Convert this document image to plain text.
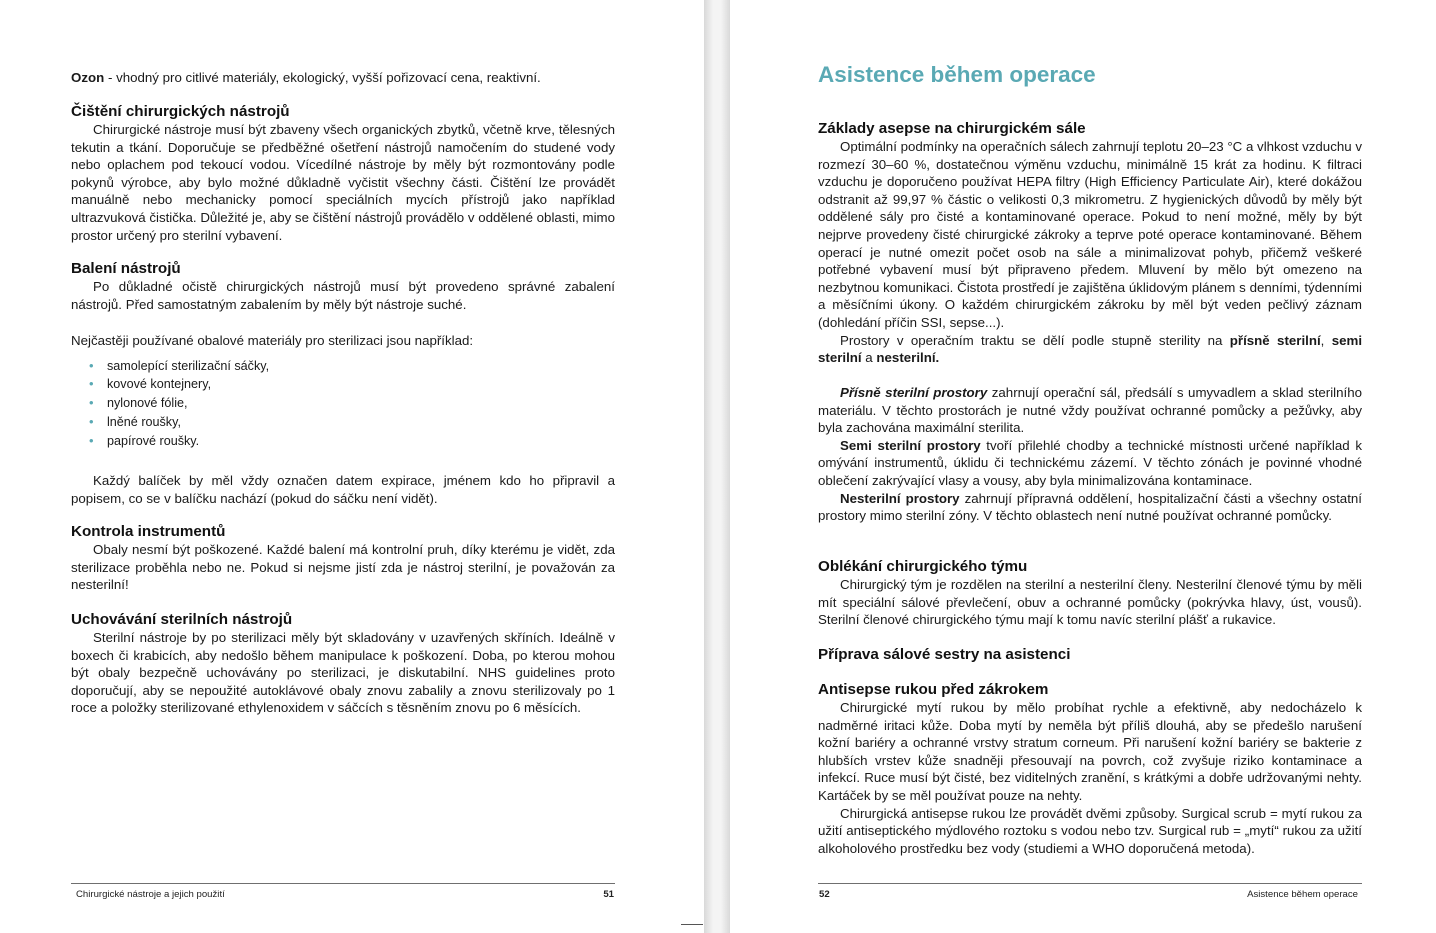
Ozon - vhodný pro citlivé materiály, ekologický, vyšší pořizovací cena, reaktivní.

Čištění chirurgických nástrojů

Chirurgické nástroje musí být zbaveny všech organických zbytků, včetně krve, tělesných tekutin a tkání. Doporučuje se předběžné ošetření nástrojů namočením do studené vody nebo oplachem pod tekoucí vodou. Vícedílné nástroje by měly být rozmontovány podle pokynů výrobce, aby bylo možné důkladně vyčistit všechny části. Čištění lze provádět manuálně nebo mechanicky pomocí speciálních mycích přístrojů jako například ultrazvuková čistička. Důležité je, aby se čištění nástrojů provádělo v oddělené oblasti, mimo prostor určený pro sterilní vybavení.

Balení nástrojů

Po důkladné očistě chirurgických nástrojů musí být provedeno správné zabalení nástrojů. Před samostatným zabalením by měly být nástroje suché.

Nejčastěji používané obalové materiály pro sterilizaci jsou například:

• samolepící sterilizační sáčky,
• kovové kontejnery,
• nylonové fólie,
• lněné roušky,
• papírové roušky.

Každý balíček by měl vždy označen datem expirace, jménem kdo ho připravil a popisem, co se v balíčku nachází (pokud do sáčku není vidět).

Kontrola instrumentů

Obaly nesmí být poškozené. Každé balení má kontrolní pruh, díky kterému je vidět, zda sterilizace proběhla nebo ne. Pokud si nejsme jistí zda je nástroj sterilní, je považován za nesterilní!

Uchovávání sterilních nástrojů

Sterilní nástroje by po sterilizaci měly být skladovány v uzavřených skříních. Ideálně v boxech či krabicích, aby nedošlo během manipulace k poškození. Doba, po kterou mohou být obaly bezpečně uchovávány po sterilizaci, je diskutabilní. NHS guidelines proto doporučují, aby se nepoužité autoklávové obaly znovu zabalily a znovu sterilizovaly po 1 roce a položky sterilizované ethylenoxidem v sáčcích s těsněním znovu po 6 měsících.

Chirurgické nástroje a jejich použití	51
Asistence během operace
Základy asepse na chirurgickém sále

Optimální podmínky na operačních sálech zahrnují teplotu 20–23 °C a vlhkost vzduchu v rozmezí 30–60 %, dostatečnou výměnu vzduchu, minimálně 15 krát za hodinu. K filtraci vzduchu je doporučeno používat HEPA filtry (High Efficiency Particulate Air), které dokážou odstranit až 99,97 % částic o velikosti 0,3 mikrometru. Z hygienických důvodů by měly být oddělené sály pro čisté a kontaminované operace. Pokud to není možné, měly by být nejprve provedeny čisté chirurgické zákroky a teprve poté operace kontaminované. Během operací je nutné omezit počet osob na sále a minimalizovat pohyb, přičemž veškeré potřebné vybavení musí být připraveno předem. Mluvení by mělo být omezeno na nezbytnou komunikaci. Čistota prostředí je zajištěna úklidovým plánem s denními, týdenními a měsíčními úkony. O každém chirurgickém zákroku by měl být veden pečlivý záznam (dohledání příčin SSI, sepse...).

Prostory v operačním traktu se dělí podle stupně sterility na přísně sterilní, semi sterilní a nesterilní.

Přísně sterilní prostory zahrnují operační sál, předsálí s umyvadlem a sklad sterilního materiálu. V těchto prostorách je nutné vždy používat ochranné pomůcky a pežůvky, aby byla zachována maximální sterilita.

Semi sterilní prostory tvoří přilehlé chodby a technické místnosti určené například k omývání instrumentů, úklidu či technickému zázemí. V těchto zónách je povinné vhodné oblečení zakrývající vlasy a vousy, aby byla minimalizována kontaminace.

Nesterilní prostory zahrnují přípravná oddělení, hospitalizační části a všechny ostatní prostory mimo sterilní zóny. V těchto oblastech není nutné používat ochranné pomůcky.

Oblékání chirurgického týmu

Chirurgický tým je rozdělen na sterilní a nesterilní členy. Nesterilní členové týmu by měli mít speciální sálové převlečení, obuv a ochranné pomůcky (pokrývka hlavy, úst, vousů). Sterilní členové chirurgického týmu mají k tomu navíc sterilní plášť a rukavice.

Příprava sálové sestry na asistenci
Antisepse rukou před zákrokem

Chirurgické mytí rukou by mělo probíhat rychle a efektivně, aby nedocházelo k nadměrné iritaci kůže. Doba mytí by neměla být příliš dlouhá, aby se předešlo narušení kožní bariéry a ochranné vrstvy stratum corneum. Při narušení kožní bariéry se bakterie z hlubších vrstev kůže snadněji přesouvají na povrch, což zvyšuje riziko kontaminace a infekcí. Ruce musí být čisté, bez viditelných zranění, s krátkými a dobře udržovanými nehty. Kartáček by se měl používat pouze na nehty.

Chirurgická antisepse rukou lze provádět dvěmi způsoby. Surgical scrub = mytí rukou za užití antiseptického mýdlového roztoku s vodou nebo tzv. Surgical rub = „mytí“ rukou za užití alkoholového prostředku bez vody (studiemi a WHO doporučená metoda).

52	Asistence během operace
